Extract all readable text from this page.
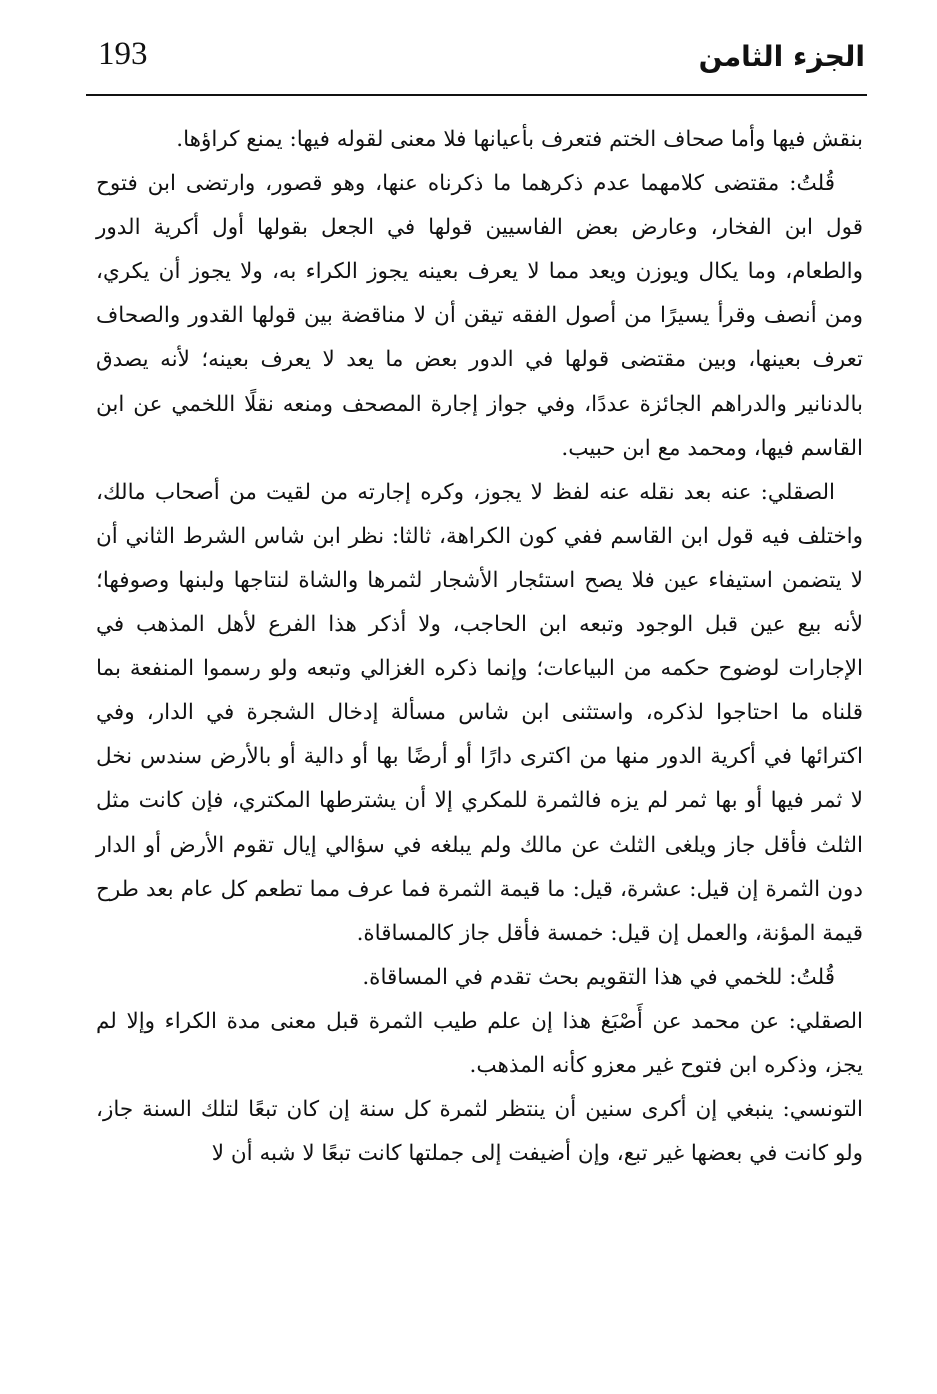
193	الجزء الثامن

بنقش فيها وأما صحاف الختم فتعرف بأعيانها فلا معنى لقوله فيها: يمنع كراؤها.

قُلتُ: مقتضى كلامهما عدم ذكرهما ما ذكرناه عنها، وهو قصور، وارتضى ابن فتوح قول ابن الفخار، وعارض بعض الفاسيين قولها في الجعل بقولها أول أكرية الدور والطعام، وما يكال ويوزن ويعد مما لا يعرف بعينه يجوز الكراء به، ولا يجوز أن يكري، ومن أنصف وقرأ يسيرًا من أصول الفقه تيقن أن لا مناقضة بين قولها القدور والصحاف تعرف بعينها، وبين مقتضى قولها في الدور بعض ما يعد لا يعرف بعينه؛ لأنه يصدق بالدنانير والدراهم الجائزة عددًا، وفي جواز إجارة المصحف ومنعه نقلًا اللخمي عن ابن القاسم فيها، ومحمد مع ابن حبيب.

الصقلي: عنه بعد نقله عنه لفظ لا يجوز، وكره إجارته من لقيت من أصحاب مالك، واختلف فيه قول ابن القاسم ففي كون الكراهة، ثالثا: نظر ابن شاس الشرط الثاني أن لا يتضمن استيفاء عين فلا يصح استئجار الأشجار لثمرها والشاة لنتاجها ولبنها وصوفها؛ لأنه بيع عين قبل الوجود وتبعه ابن الحاجب، ولا أذكر هذا الفرع لأهل المذهب في الإجارات لوضوح حكمه من البياعات؛ وإنما ذكره الغزالي وتبعه ولو رسموا المنفعة بما قلناه ما احتاجوا لذكره، واستثنى ابن شاس مسألة إدخال الشجرة في الدار، وفي اكترائها في أكرية الدور منها من اكترى دارًا أو أرضًا بها أو دالية أو بالأرض سندس نخل لا ثمر فيها أو بها ثمر لم يزه فالثمرة للمكري إلا أن يشترطها المكتري، فإن كانت مثل الثلث فأقل جاز ويلغى الثلث عن مالك ولم يبلغه في سؤالي إيال تقوم الأرض أو الدار دون الثمرة إن قيل: عشرة، قيل: ما قيمة الثمرة فما عرف مما تطعم كل عام بعد طرح قيمة المؤنة، والعمل إن قيل: خمسة فأقل جاز كالمساقاة.

قُلتُ: للخمي في هذا التقويم بحث تقدم في المساقاة.

الصقلي: عن محمد عن أَصْبَغ هذا إن علم طيب الثمرة قبل معنى مدة الكراء وإلا لم يجز، وذكره ابن فتوح غير معزو كأنه المذهب.

التونسي: ينبغي إن أكرى سنين أن ينتظر لثمرة كل سنة إن كان تبعًا لتلك السنة جاز، ولو كانت في بعضها غير تبع، وإن أضيفت إلى جملتها كانت تبعًا لا شبه أن لا
